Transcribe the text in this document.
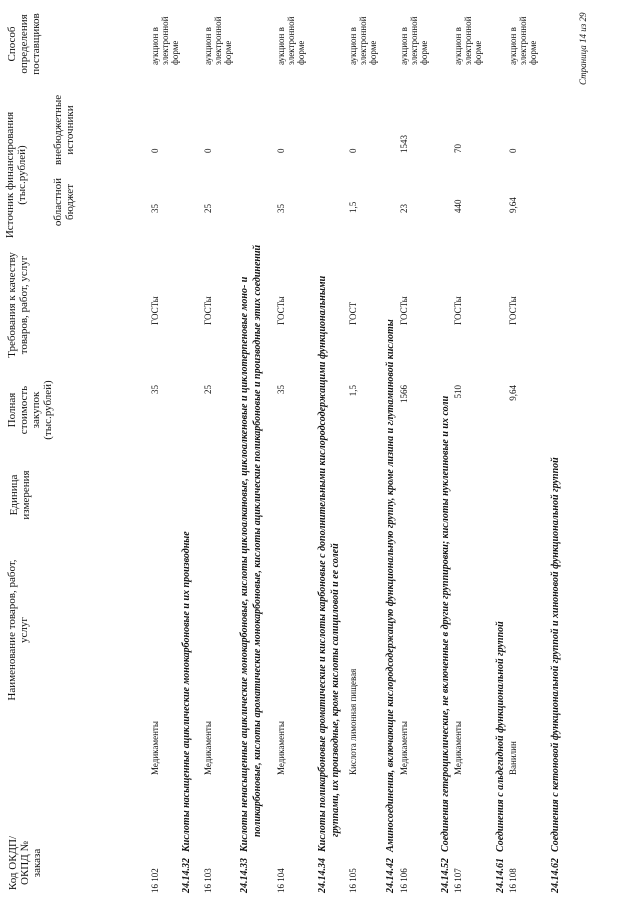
Код ОКДП/ ОКПД № заказа
Наименование товаров, работ, услуг
Единица измерения
Полная стоимость закупок (тыс.рублей)
Требования к качеству товаров, работ, услуг
Источник финансирования (тыс.рублей) областной бюджет
внебюджетные источники
Способ определения поставщиков
16 102
Медикаменты
35
ГОСТы
35
0
аукцион в электронной форме
24.14.32Кислоты насыщенные ациклические монокарбоновые и их производные
16 103
Медикаменты
25
ГОСТы
25
0
аукцион в электронной форме
24.14.33Кислоты ненасыщенные ациклические монокарбоновые, кислоты циклоалкановые, циклоалкеновые и циклотерпеновые моно- и поликарбоновые, кислоты ароматические монокарбоновые, кислоты ациклические поликарбоновые и производные этих соединений
16 104
Медикаменты
35
ГОСТы
35
0
аукцион в электронной форме
24.14.34Кислоты поликарбоновые ароматические и кислоты карбоновые с дополнительными кислородсодержащими функциональными группами, их производные, кроме кислоты салициловой и ее солей
16 105
Кислота лимонная пищевая
1,5
ГОСТ
1,5
0
аукцион в электронной форме
24.14.42Аминосоединения, включающие кислородсодержащую функциональную группу, кроме лизина и глутаминовой кислоты
16 106
Медикаменты
1566
ГОСТы
23
1543
аукцион в электронной форме
24.14.52Соединения гетероциклические, не включенные в другие группировки; кислоты нуклеиновые и их соли
16 107
Медикаменты
510
ГОСТы
440
70
аукцион в электронной форме
24.14.61Соединения с альдегидной функциональной группой
16 108
Ванилин
9,64
ГОСТы
9,64
0
аукцион в электронной форме
24.14.62Соединения с кетоновой функциональной группой и хиноновой функциональной группой
Страница 14 из 29
